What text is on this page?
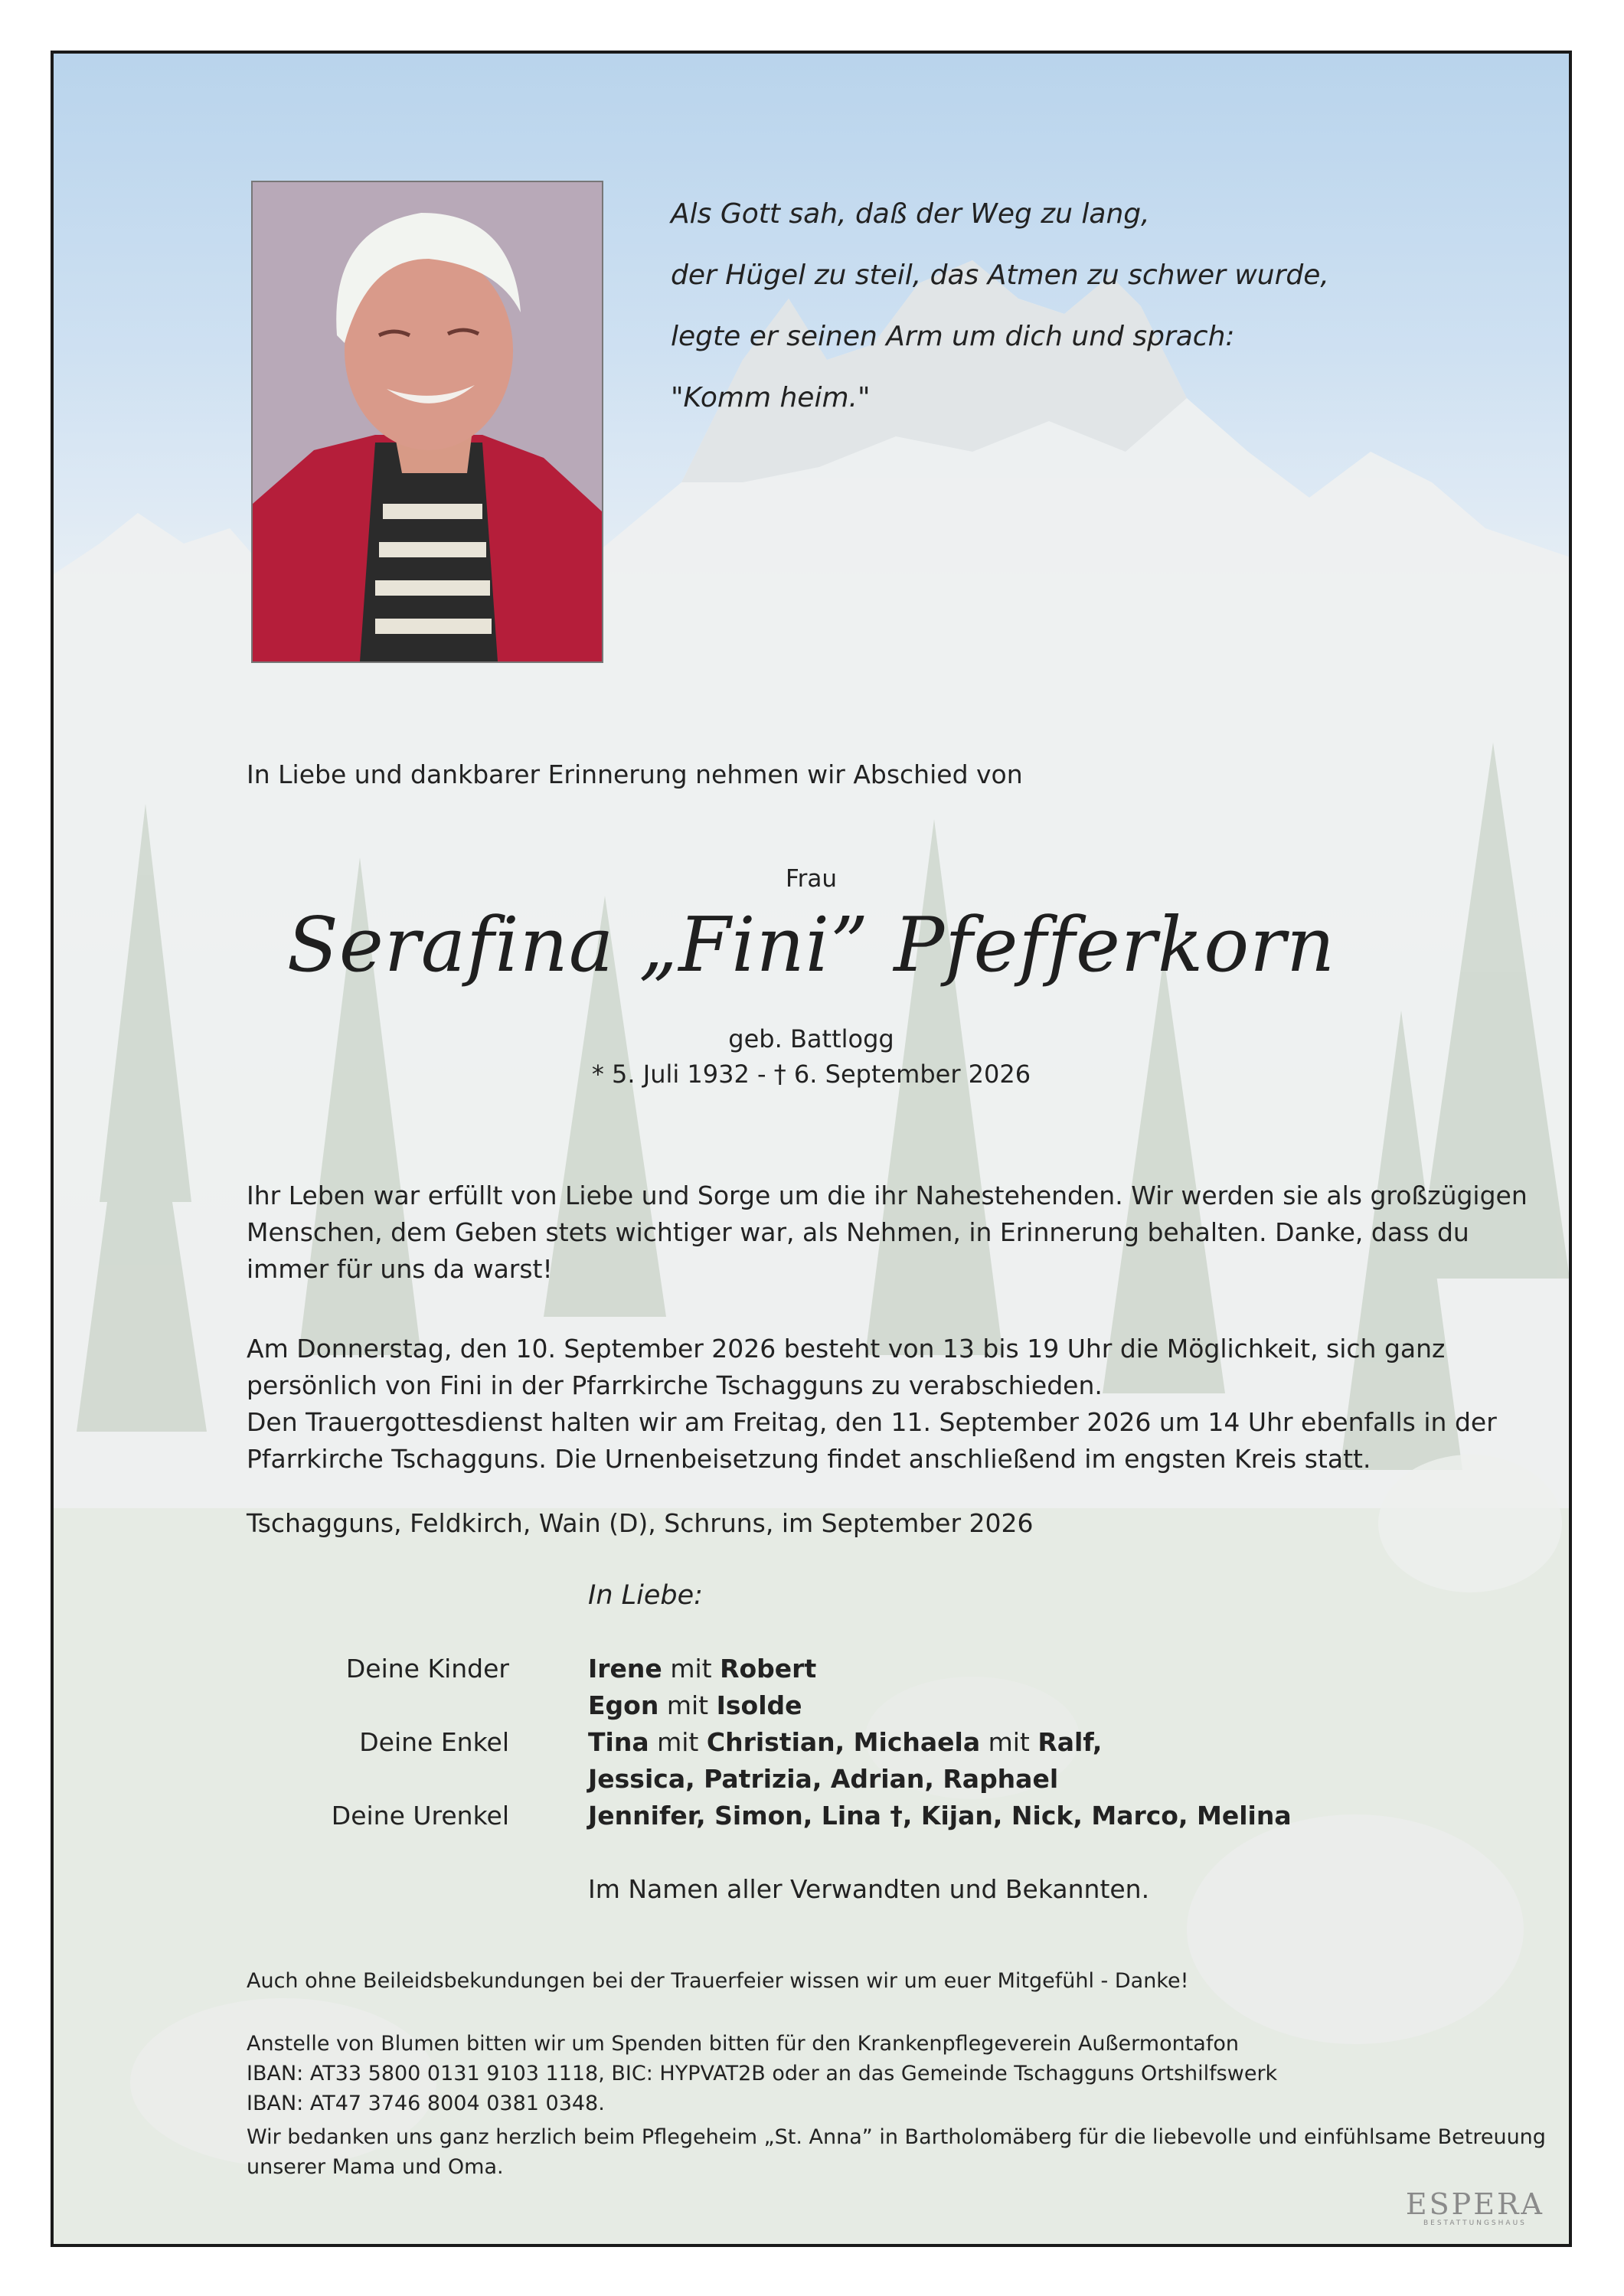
Als Gott sah, daß der Weg zu lang,
der Hügel zu steil, das Atmen zu schwer wurde,
legte er seinen Arm um dich und sprach:
"Komm heim."
In Liebe und dankbarer Erinnerung nehmen wir Abschied von
Frau
Serafina „Fini” Pfefferkorn
geb. Battlogg
* 5. Juli 1932 - † 6. September 2026
Ihr Leben war erfüllt von Liebe und Sorge um die ihr Nahestehenden. Wir werden sie als großzügigen Menschen, dem Geben stets wichtiger war, als Nehmen, in Erinnerung behalten. Danke, dass du immer für uns da warst!
Am Donnerstag, den 10. September 2026 besteht von 13 bis 19 Uhr die Möglichkeit, sich ganz persönlich von Fini in der Pfarrkirche Tschagguns zu verabschieden.
Den Trauergottesdienst halten wir am Freitag, den 11. September 2026 um 14 Uhr ebenfalls in der Pfarrkirche Tschagguns. Die Urnenbeisetzung findet anschließend im engsten Kreis statt.
Tschagguns, Feldkirch, Wain (D), Schruns, im September 2026
In Liebe:
Deine Kinder	Irene mit Robert
Egon mit Isolde
Deine Enkel	Tina mit Christian, Michaela mit Ralf,
Jessica, Patrizia, Adrian, Raphael
Deine Urenkel	Jennifer, Simon, Lina †, Kijan, Nick, Marco, Melina
Im Namen aller Verwandten und Bekannten.
Auch ohne Beileidsbekundungen bei der Trauerfeier wissen wir um euer Mitgefühl - Danke!
Anstelle von Blumen bitten wir um Spenden bitten für den Krankenpflegeverein Außermontafon
IBAN: AT33 5800 0131 9103 1118, BIC: HYPVAT2B oder an das Gemeinde Tschagguns Ortshilfswerk
IBAN: AT47 3746 8004 0381 0348.
Wir bedanken uns ganz herzlich beim Pflegeheim „St. Anna” in Bartholomäberg für die liebevolle und einfühlsame Betreuung unserer Mama und Oma.
ESPERA
BESTATTUNGSHAUS
